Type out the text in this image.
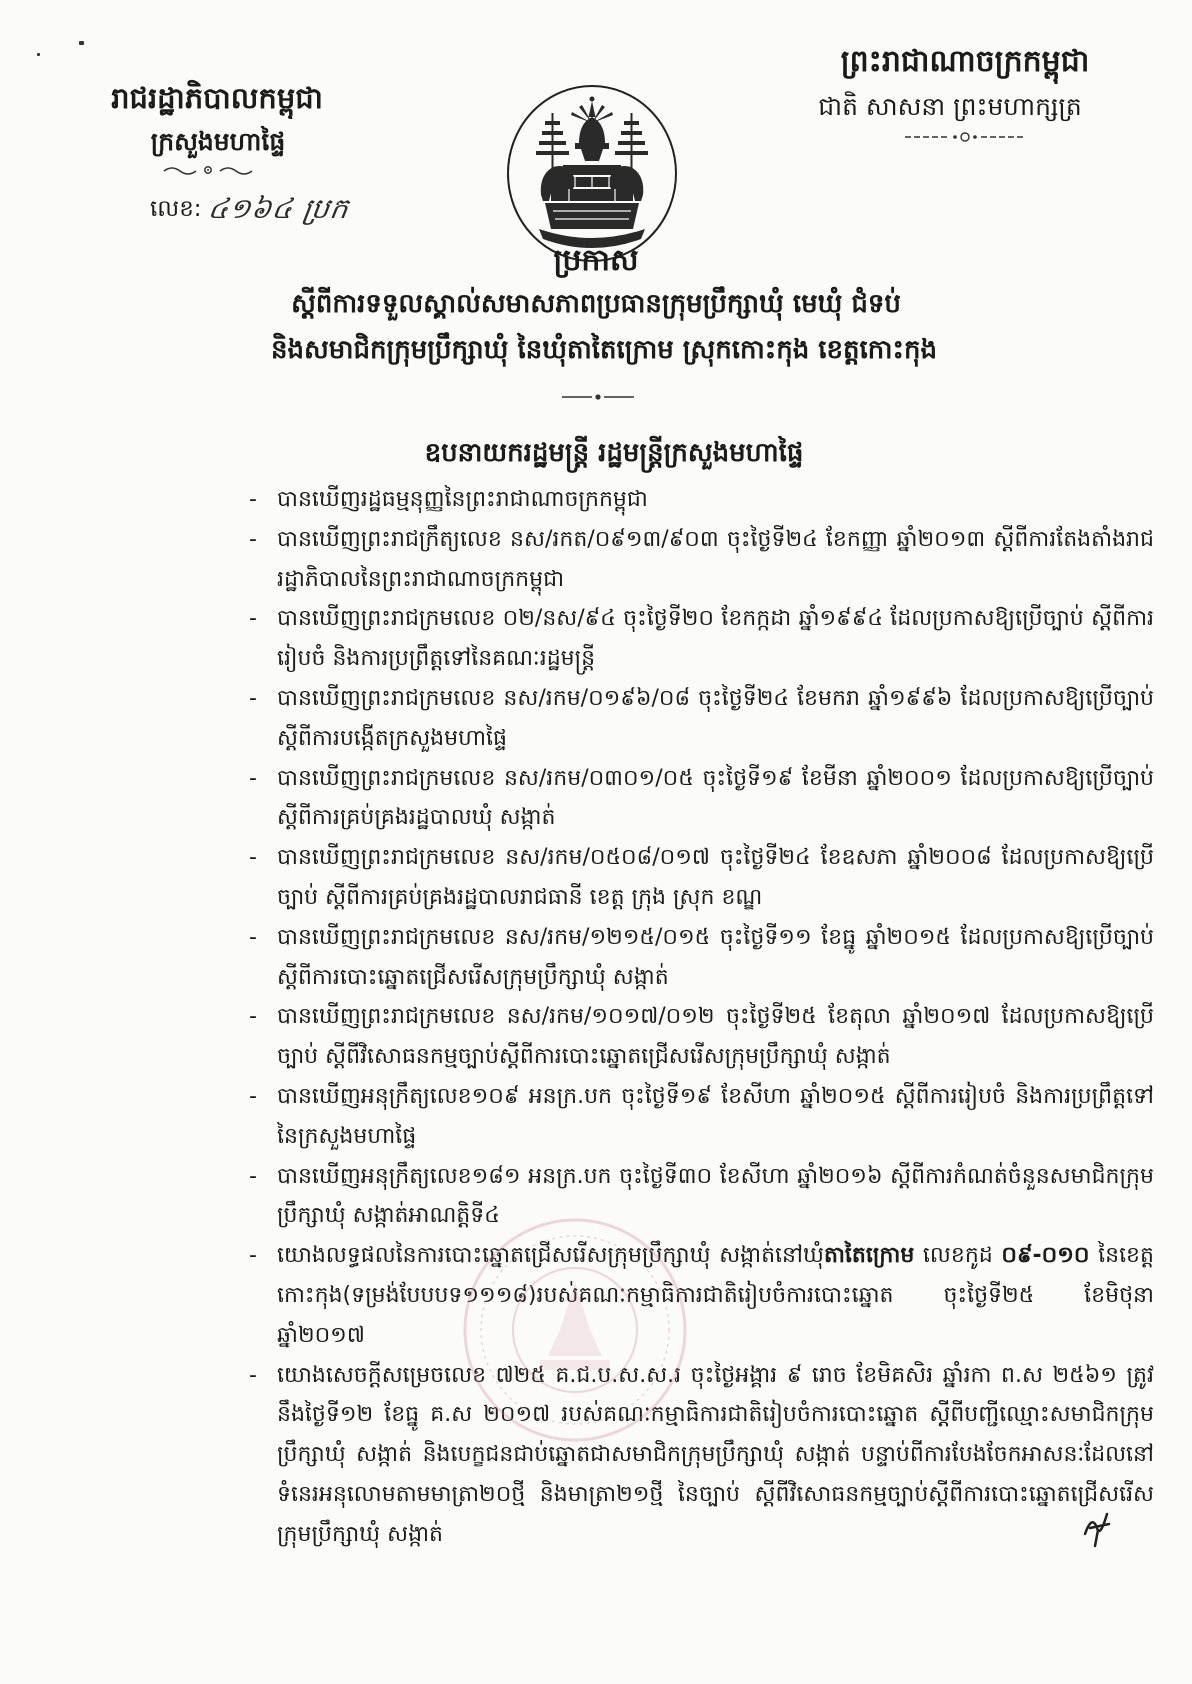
ព្រះរាជាណាចក្រកម្ពុជា
ជាតិ សាសនា ព្រះមហាក្សត្រ
រាជរដ្ឋាភិបាលកម្ពុជា
ក្រសួងមហាផ្ទៃ
លេខ: ៤១៦៤ ប្រក
ប្រកាស
ស្តីពីការទទួលស្គាល់សមាសភាពប្រធានក្រុមប្រឹក្សាឃុំ មេឃុំ ជំទប់
និងសមាជិកក្រុមប្រឹក្សាឃុំ នៃឃុំតាតៃក្រោម ស្រុកកោះកុង ខេត្តកោះកុង
ឧបនាយករដ្ឋមន្ត្រី រដ្ឋមន្ត្រីក្រសួងមហាផ្ទៃ
- បានឃើញរដ្ឋធម្មនុញ្ញនៃព្រះរាជាណាចក្រកម្ពុជា
- បានឃើញព្រះរាជក្រឹត្យលេខ នស/រកត/០៩១៣/៩០៣ ចុះថ្ងៃទី២៤ ខែកញ្ញា ឆ្នាំ២០១៣ ស្តីពីការតែងតាំងរាជរដ្ឋាភិបាលនៃព្រះរាជាណាចក្រកម្ពុជា
- បានឃើញព្រះរាជក្រមលេខ ០២/នស/៩៤ ចុះថ្ងៃទី២០ ខែកក្កដា ឆ្នាំ១៩៩៤ ដែលប្រកាសឱ្យប្រើច្បាប់ ស្តីពីការរៀបចំ និងការប្រព្រឹត្តទៅនៃគណៈរដ្ឋមន្ត្រី
- បានឃើញព្រះរាជក្រមលេខ នស/រកម/០១៩៦/០៨ ចុះថ្ងៃទី២៤ ខែមករា ឆ្នាំ១៩៩៦ ដែលប្រកាសឱ្យប្រើច្បាប់ ស្តីពីការបង្កើតក្រសួងមហាផ្ទៃ
- បានឃើញព្រះរាជក្រមលេខ នស/រកម/០៣០១/០៥ ចុះថ្ងៃទី១៩ ខែមីនា ឆ្នាំ២០០១ ដែលប្រកាសឱ្យប្រើច្បាប់ ស្តីពីការគ្រប់គ្រងរដ្ឋបាលឃុំ សង្កាត់
- បានឃើញព្រះរាជក្រមលេខ នស/រកម/០៥០៨/០១៧ ចុះថ្ងៃទី២៤ ខែឧសភា ឆ្នាំ២០០៨ ដែលប្រកាសឱ្យប្រើច្បាប់ ស្តីពីការគ្រប់គ្រងរដ្ឋបាលរាជធានី ខេត្ត ក្រុង ស្រុក ខណ្ឌ
- បានឃើញព្រះរាជក្រមលេខ នស/រកម/១២១៥/០១៥ ចុះថ្ងៃទី១១ ខែធ្នូ ឆ្នាំ២០១៥ ដែលប្រកាសឱ្យប្រើច្បាប់ ស្តីពីការបោះឆ្នោតជ្រើសរើសក្រុមប្រឹក្សាឃុំ សង្កាត់
- បានឃើញព្រះរាជក្រមលេខ នស/រកម/១០១៧/០១២ ចុះថ្ងៃទី២៥ ខែតុលា ឆ្នាំ២០១៧ ដែលប្រកាសឱ្យប្រើច្បាប់ ស្តីពីវិសោធនកម្មច្បាប់ស្តីពីការបោះឆ្នោតជ្រើសរើសក្រុមប្រឹក្សាឃុំ សង្កាត់
- បានឃើញអនុក្រឹត្យលេខ១០៩ អនក្រ.បក ចុះថ្ងៃទី១៩ ខែសីហា ឆ្នាំ២០១៥ ស្តីពីការរៀបចំ និងការប្រព្រឹត្តទៅនៃក្រសួងមហាផ្ទៃ
- បានឃើញអនុក្រឹត្យលេខ១៨១ អនក្រ.បក ចុះថ្ងៃទី៣០ ខែសីហា ឆ្នាំ២០១៦ ស្តីពីការកំណត់ចំនួនសមាជិកក្រុមប្រឹក្សាឃុំ សង្កាត់អាណត្តិទី៤
- យោងលទ្ធផលនៃការបោះឆ្នោតជ្រើសរើសក្រុមប្រឹក្សាឃុំ សង្កាត់នៅឃុំតាតៃក្រោម លេខកូដ ០៩-០១០ នៃខេត្តកោះកុង(ទម្រង់បែបបទ១១១៨)របស់គណៈកម្មាធិការជាតិរៀបចំការបោះឆ្នោត ចុះថ្ងៃទី២៥ ខែមិថុនា ឆ្នាំ២០១៧
- យោងសេចក្តីសម្រេចលេខ ៧២៥ គ.ជ.ប.ស.ស.រ ចុះថ្ងៃអង្គារ ៩ រោច ខែមិគសិរ ឆ្នាំរកា ព.ស ២៥៦១ ត្រូវនឹងថ្ងៃទី១២ ខែធ្នូ គ.ស ២០១៧ របស់គណៈកម្មាធិការជាតិរៀបចំការបោះឆ្នោត ស្តីពីបញ្ជីឈ្មោះសមាជិកក្រុមប្រឹក្សាឃុំ សង្កាត់ និងបេក្ខជនជាប់ឆ្នោតជាសមាជិកក្រុមប្រឹក្សាឃុំ សង្កាត់ បន្ទាប់ពីការបែងចែកអាសនៈដែលនៅទំនេរអនុលោមតាមមាត្រា២០ថ្មី និងមាត្រា២១ថ្មី នៃច្បាប់ ស្តីពីវិសោធនកម្មច្បាប់ស្តីពីការបោះឆ្នោតជ្រើសរើសក្រុមប្រឹក្សាឃុំ សង្កាត់
